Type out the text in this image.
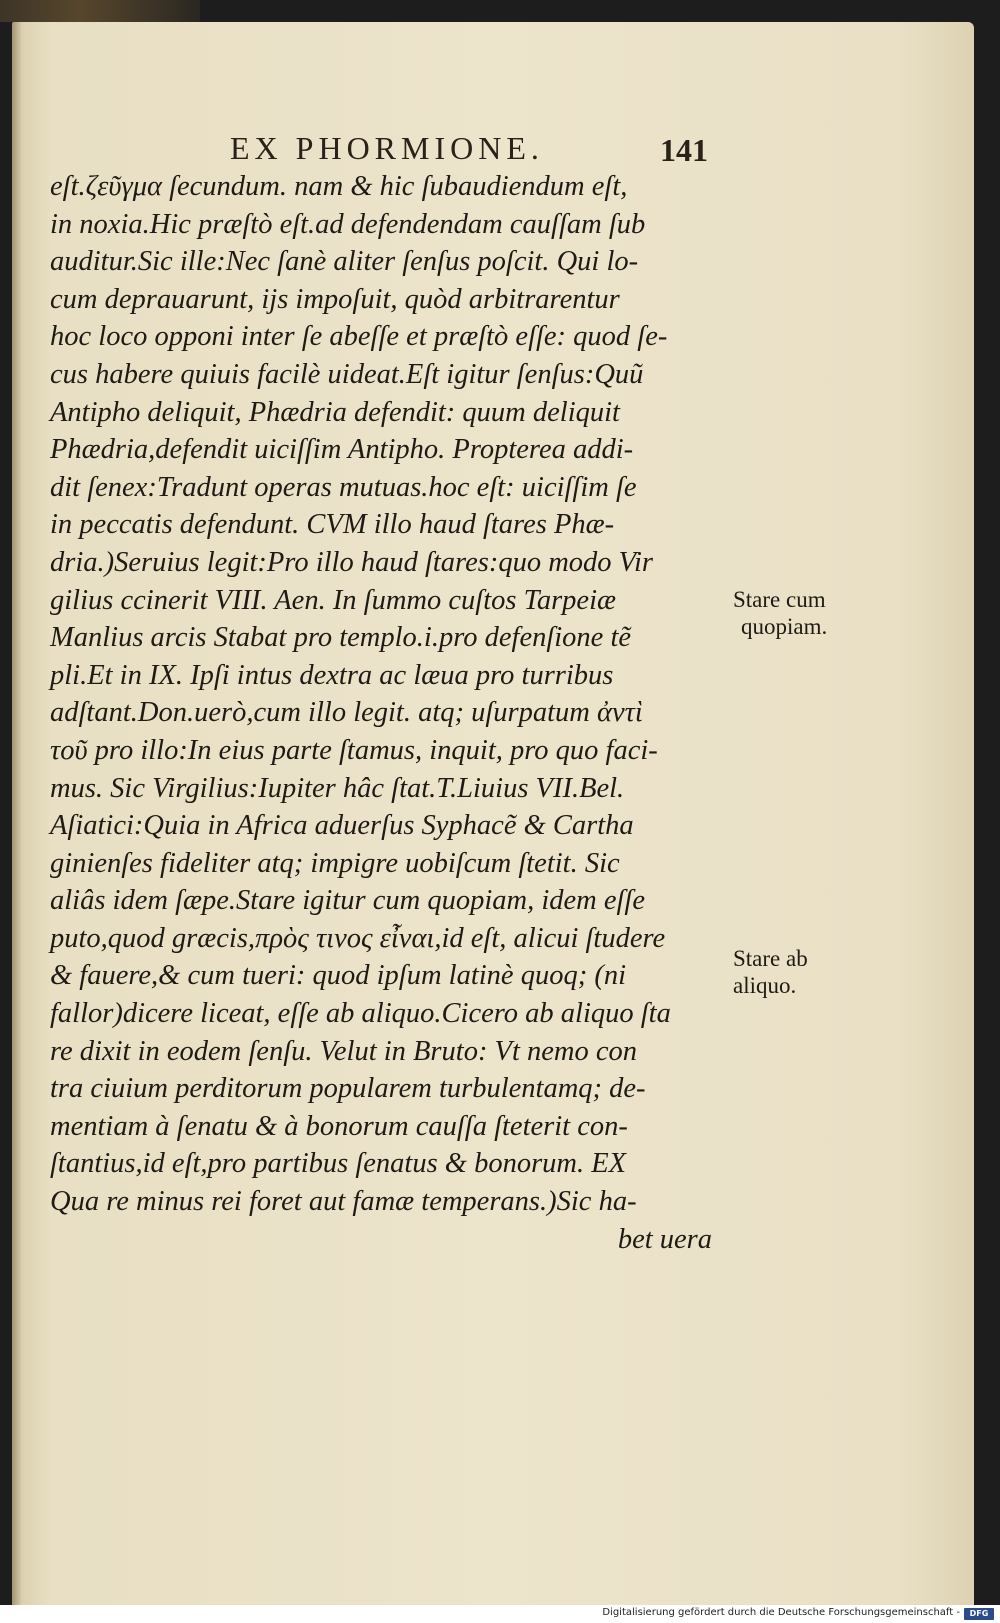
EX PHORMIONE.	141
eſt.ζεῦγμα ſecundum. nam & hic ſubaudiendum eſt,
in noxia.Hic præſtò eſt.ad defendendam cauſſam ſub
auditur.Sic ille:Nec ſanè aliter ſenſus poſcit. Qui lo-
cum deprauarunt, ijs impoſuit, quòd arbitrarentur
hoc loco opponi inter ſe abeſſe et præſtò eſſe: quod ſe-
cus habere quiuis facilè uideat.Eſt igitur ſenſus:Quũ
Antipho deliquit, Phædria defendit: quum deliquit
Phædria,defendit uiciſſim Antipho. Propterea addi-
dit ſenex:Tradunt operas mutuas.hoc eſt: uiciſſim ſe
in peccatis defendunt. CVM illo haud ſtares Phæ-
dria.)Seruius legit:Pro illo haud ſtares:quo modo Vir
gilius ccinerit VIII. Aen. In ſummo cuſtos Tarpeiæ
Manlius arcis Stabat pro templo.i.pro defenſione tẽ
pli.Et in IX. Ipſi intus dextra ac læua pro turribus
adſtant.Don.uerò,cum illo legit. atq; uſurpatum ἀντὶ
τοῦ pro illo:In eius parte ſtamus, inquit, pro quo faci-
mus. Sic Virgilius:Iupiter hâc ſtat.T.Liuius VII.Bel.
Aſiatici:Quia in Africa aduerſus Syphacẽ & Cartha
ginienſes fideliter atq; impigre uobiſcum ſtetit. Sic
aliâs idem ſæpe.Stare igitur cum quopiam, idem eſſe
puto,quod græcis,πρὸς τινος εἶναι,id eſt, alicui ſtudere
& fauere,& cum tueri: quod ipſum latinè quoq; (ni
fallor)dicere liceat, eſſe ab aliquo.Cicero ab aliquo ſta
re dixit in eodem ſenſu. Velut in Bruto: Vt nemo con
tra ciuium perditorum popularem turbulentamq; de-
mentiam à ſenatu & à bonorum cauſſa ſteterit con-
ſtantius,id eſt,pro partibus ſenatus & bonorum. EX
Qua re minus rei foret aut famæ temperans.)Sic ha-
bet uera
Stare cum
quopiam.
Stare ab
aliquo.
Digitalisierung gefördert durch die Deutsche Forschungsgemeinschaft -	DFG
